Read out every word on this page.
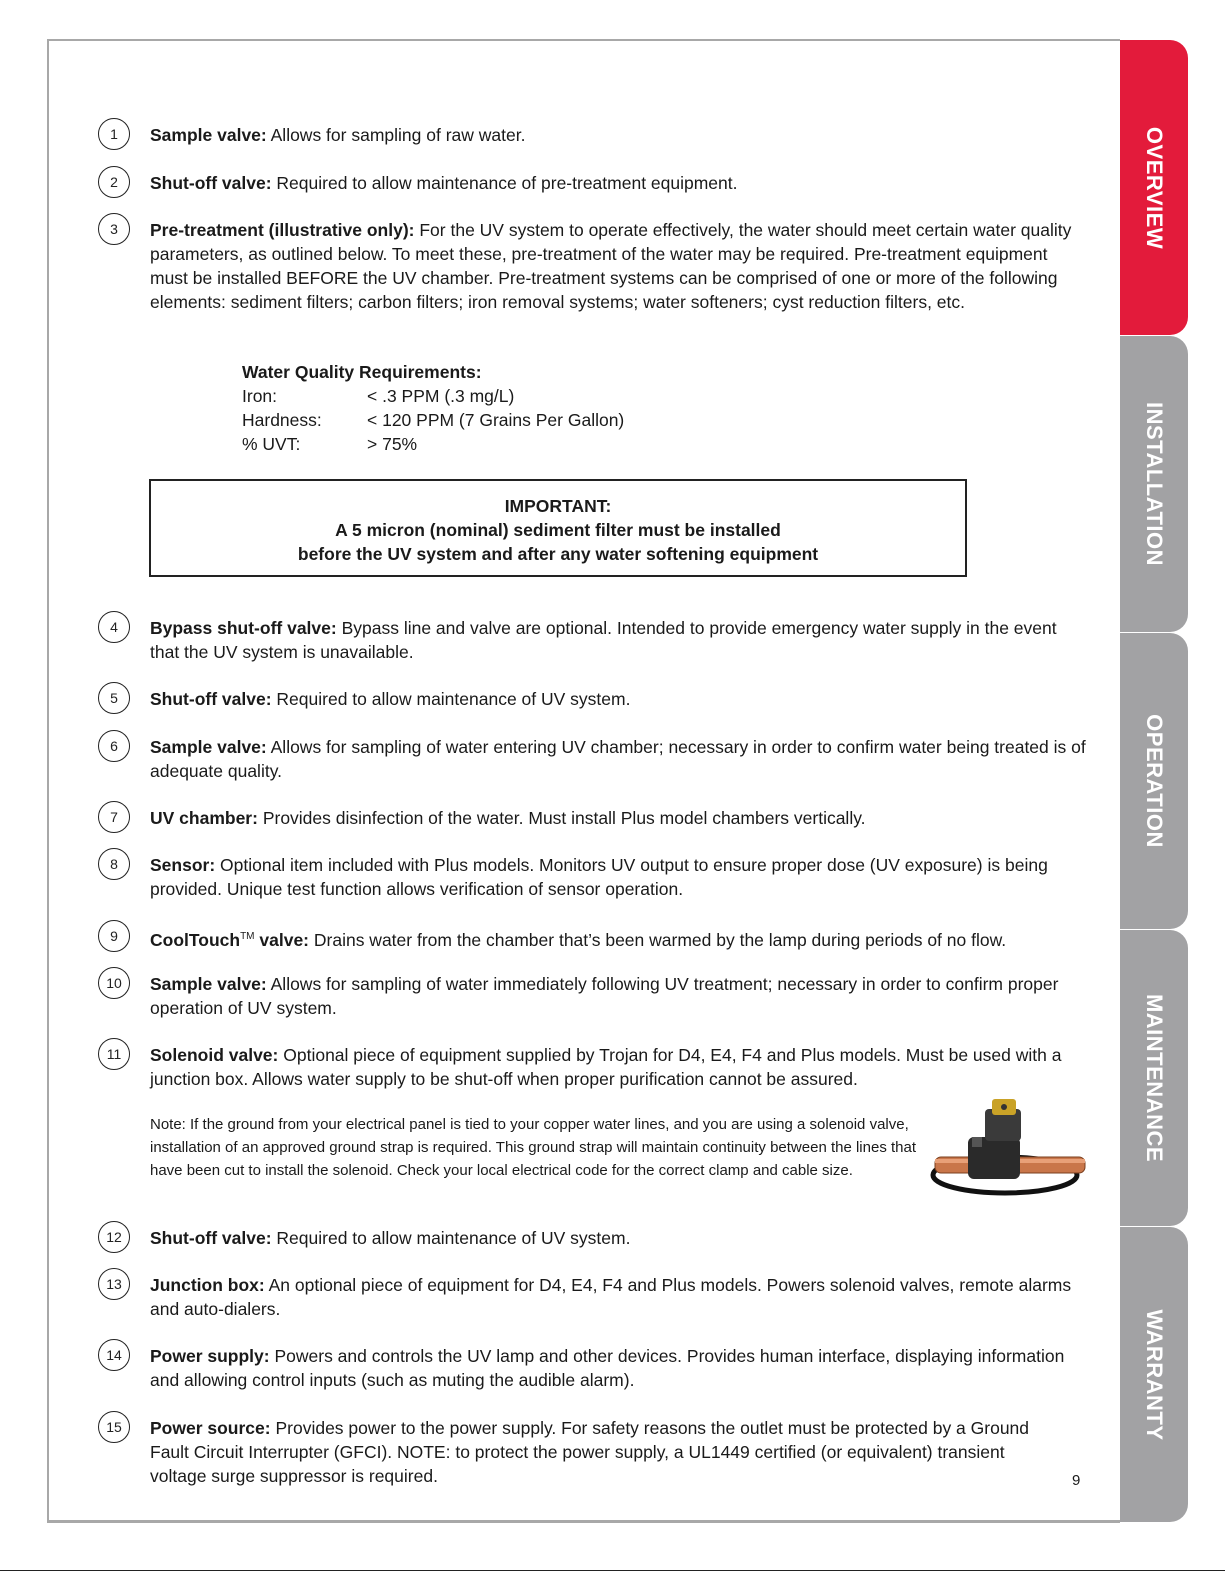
OVERVIEW
INSTALLATION
OPERATION
MAINTENANCE
WARRANTY
1	Sample valve: Allows for sampling of raw water.
2	Shut-off valve: Required to allow maintenance of pre-treatment equipment.
3	Pre-treatment (illustrative only): For the UV system to operate effectively, the water should meet certain water quality parameters, as outlined below. To meet these, pre-treatment of the water may be required. Pre-treatment equipment must be installed BEFORE the UV chamber. Pre-treatment systems can be comprised of one or more of the following elements: sediment filters; carbon filters; iron removal systems; water softeners; cyst reduction filters, etc.
Water Quality Requirements:
Iron:	< .3 PPM (.3 mg/L)
Hardness:	< 120 PPM (7 Grains Per Gallon)
% UVT:	> 75%
IMPORTANT:
A 5 micron (nominal) sediment filter must be installed
before the UV system and after any water softening equipment
4	Bypass shut-off valve: Bypass line and valve are optional. Intended to provide emergency water supply in the event that the UV system is unavailable.
5	Shut-off valve: Required to allow maintenance of UV system.
6	Sample valve: Allows for sampling of water entering UV chamber; necessary in order to confirm water being treated is of adequate quality.
7	UV chamber: Provides disinfection of the water. Must install Plus model chambers vertically.
8	Sensor: Optional item included with Plus models. Monitors UV output to ensure proper dose (UV exposure) is being provided. Unique test function allows verification of sensor operation.
9	CoolTouch™ valve: Drains water from the chamber that’s been warmed by the lamp during periods of no flow.
10	Sample valve: Allows for sampling of water immediately following UV treatment; necessary in order to confirm proper operation of UV system.
11	Solenoid valve: Optional piece of equipment supplied by Trojan for D4, E4, F4 and Plus models. Must be used with a junction box. Allows water supply to be shut-off when proper purification cannot be assured.
Note: If the ground from your electrical panel is tied to your copper water lines, and you are using a solenoid valve, installation of an approved ground strap is required. This ground strap will maintain continuity between the lines that have been cut to install the solenoid. Check your local electrical code for the correct clamp and cable size.
12	Shut-off valve: Required to allow maintenance of UV system.
13	Junction box: An optional piece of equipment for D4, E4, F4 and Plus models. Powers solenoid valves, remote alarms and auto-dialers.
14	Power supply: Powers and controls the UV lamp and other devices. Provides human interface, displaying information and allowing control inputs (such as muting the audible alarm).
15	Power source: Provides power to the power supply. For safety reasons the outlet must be protected by a Ground Fault Circuit Interrupter (GFCI). NOTE: to protect the power supply, a UL1449 certified (or equivalent) transient voltage surge suppressor is required.	9
